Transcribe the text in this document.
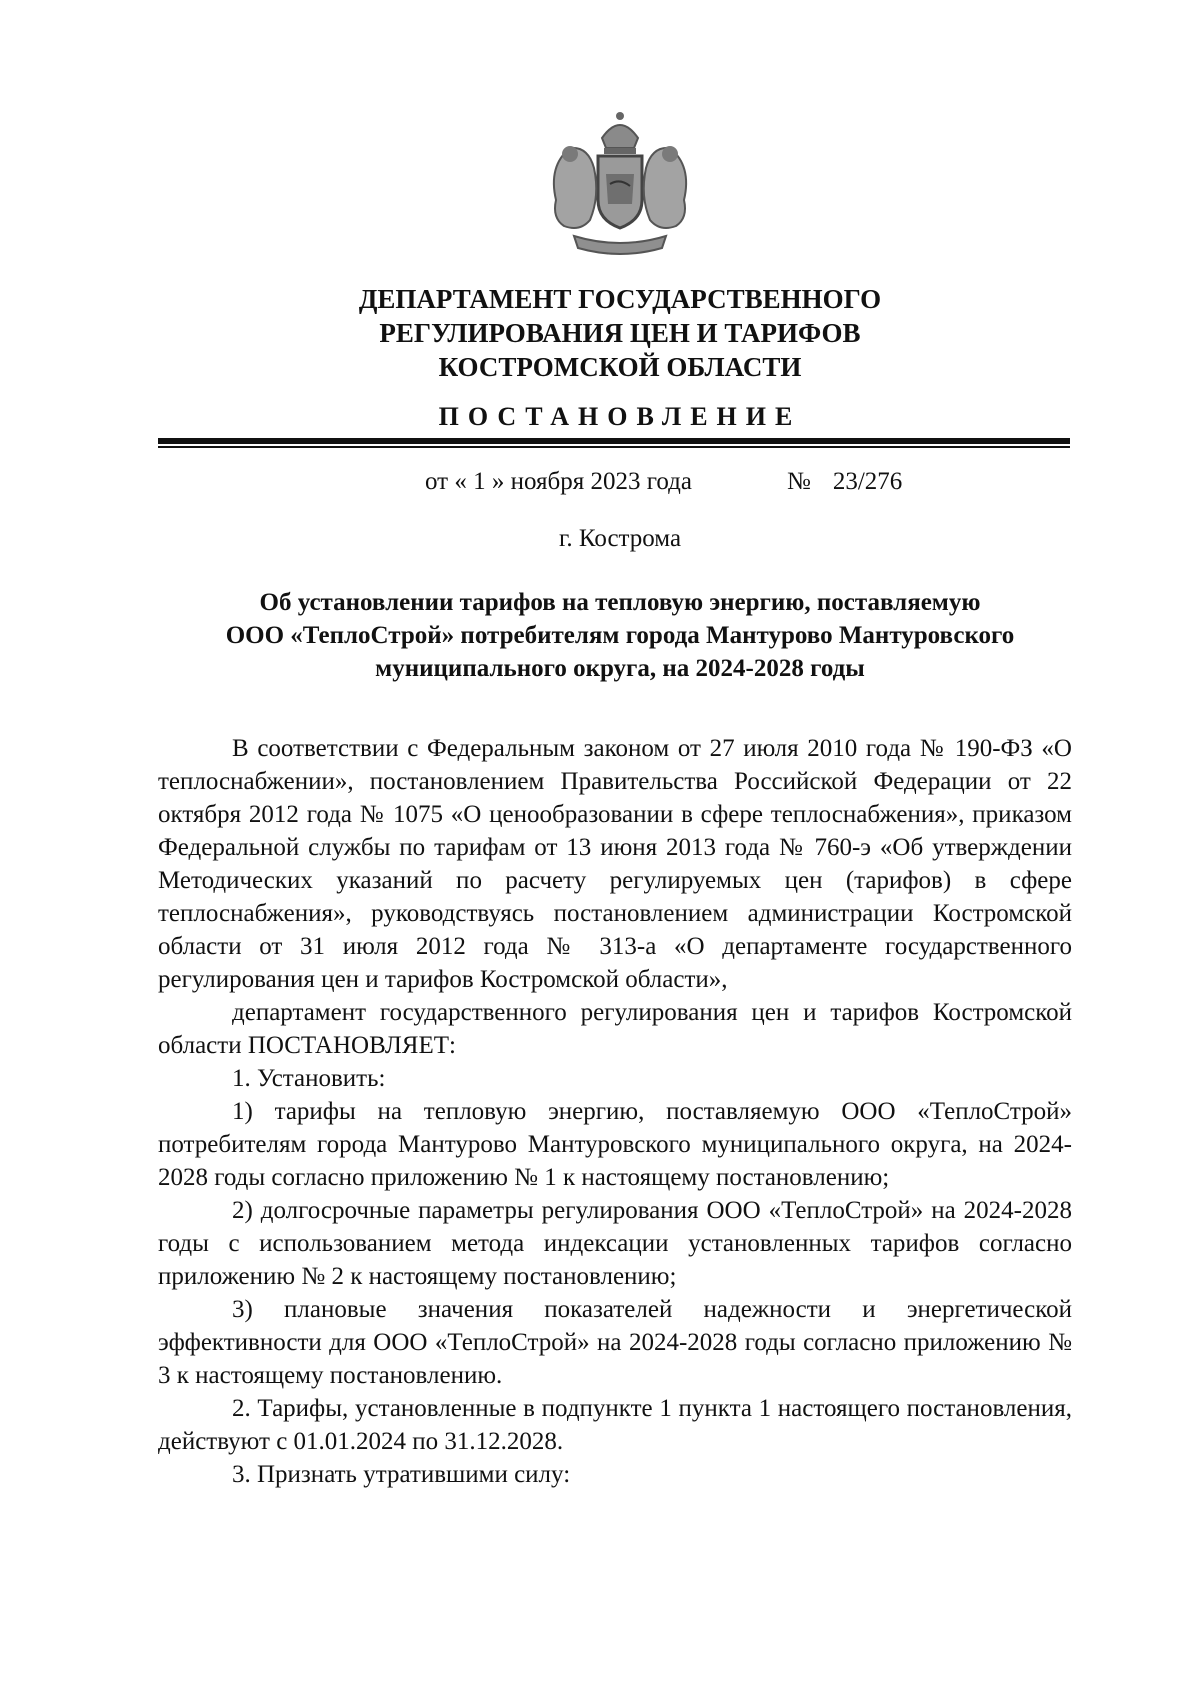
ДЕПАРТАМЕНТ ГОСУДАРСТВЕННОГО
РЕГУЛИРОВАНИЯ ЦЕН И ТАРИФОВ
КОСТРОМСКОЙ ОБЛАСТИ
ПОСТАНОВЛЕНИЕ
от « 1 » ноября 2023 года	№ 23/276
г. Кострома
Об установлении тарифов на тепловую энергию, поставляемую
ООО «ТеплоСтрой» потребителям города Мантурово Мантуровского
муниципального округа, на 2024-2028 годы

В соответствии с Федеральным законом от 27 июля 2010 года № 190-ФЗ «О теплоснабжении», постановлением Правительства Российской Федерации от 22 октября 2012 года № 1075 «О ценообразовании в сфере теплоснабжения», приказом Федеральной службы по тарифам от 13 июня 2013 года № 760-э «Об утверждении Методических указаний по расчету регулируемых цен (тарифов) в сфере теплоснабжения», руководствуясь постановлением администрации Костромской области от 31 июля 2012 года № 313-а «О департаменте государственного регулирования цен и тарифов Костромской области»,

департамент государственного регулирования цен и тарифов Костромской области ПОСТАНОВЛЯЕТ:

1. Установить:

1) тарифы на тепловую энергию, поставляемую ООО «ТеплоСтрой» потребителям города Мантурово Мантуровского муниципального округа, на 2024-2028 годы согласно приложению № 1 к настоящему постановлению;

2) долгосрочные параметры регулирования ООО «ТеплоСтрой» на 2024-2028 годы с использованием метода индексации установленных тарифов согласно приложению № 2 к настоящему постановлению;

3) плановые значения показателей надежности и энергетической эффективности для ООО «ТеплоСтрой» на 2024-2028 годы согласно приложению № 3 к настоящему постановлению.

2. Тарифы, установленные в подпункте 1 пункта 1 настоящего постановления, действуют с 01.01.2024 по 31.12.2028.

3. Признать утратившими силу:
